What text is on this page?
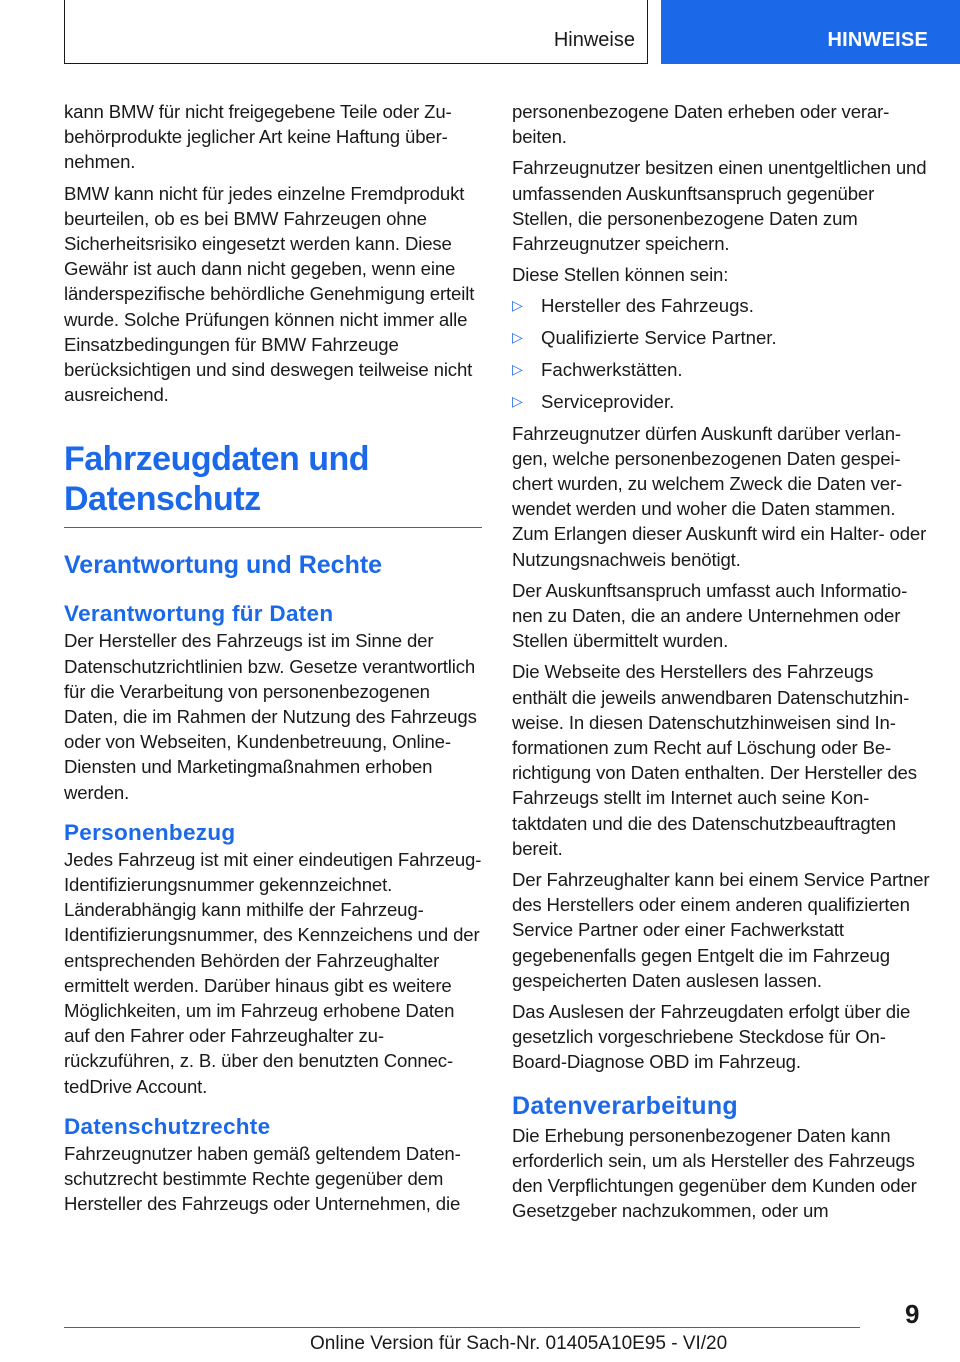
Hinweise	HINWEISE

kann BMW für nicht freigegebene Teile oder Zubehörprodukte jeglicher Art keine Haftung übernehmen.

BMW kann nicht für jedes einzelne Fremdprodukt beurteilen, ob es bei BMW Fahrzeugen ohne Sicherheitsrisiko eingesetzt werden kann. Diese Gewähr ist auch dann nicht gegeben, wenn eine länderspezifische behördliche Genehmigung erteilt wurde. Solche Prüfungen können nicht immer alle Einsatzbedingungen für BMW Fahrzeuge berücksichtigen und sind deswegen teilweise nicht ausreichend.

Fahrzeugdaten und
Datenschutz
Verantwortung und Rechte
Verantwortung für Daten

Der Hersteller des Fahrzeugs ist im Sinne der Datenschutzrichtlinien bzw. Gesetze verantwortlich für die Verarbeitung von personenbezogenen Daten, die im Rahmen der Nutzung des Fahrzeugs oder von Webseiten, Kundenbetreuung, Online-Diensten und Marketingmaßnahmen erhoben werden.

Personenbezug

Jedes Fahrzeug ist mit einer eindeutigen Fahrzeug-Identifizierungsnummer gekennzeichnet. Länderabhängig kann mithilfe der Fahrzeug-Identifizierungsnummer, des Kennzeichens und der entsprechenden Behörden der Fahrzeughalter ermittelt werden. Darüber hinaus gibt es weitere Möglichkeiten, um im Fahrzeug erhobene Daten auf den Fahrer oder Fahrzeughalter zurückzuführen, z. B. über den benutzten ConnectedDrive Account.

Datenschutzrechte

Fahrzeugnutzer haben gemäß geltendem Datenschutzrecht bestimmte Rechte gegenüber dem Hersteller des Fahrzeugs oder Unternehmen, die

personenbezogene Daten erheben oder verarbeiten.

Fahrzeugnutzer besitzen einen unentgeltlichen und umfassenden Auskunftsanspruch gegenüber Stellen, die personenbezogene Daten zum Fahrzeugnutzer speichern.

Diese Stellen können sein:

▷ Hersteller des Fahrzeugs.
▷ Qualifizierte Service Partner.
▷ Fachwerkstätten.
▷ Serviceprovider.

Fahrzeugnutzer dürfen Auskunft darüber verlangen, welche personenbezogenen Daten gespeichert wurden, zu welchem Zweck die Daten verwendet werden und woher die Daten stammen. Zum Erlangen dieser Auskunft wird ein Halter- oder Nutzungsnachweis benötigt.

Der Auskunftsanspruch umfasst auch Informationen zu Daten, die an andere Unternehmen oder Stellen übermittelt wurden.

Die Webseite des Herstellers des Fahrzeugs enthält die jeweils anwendbaren Datenschutzhinweise. In diesen Datenschutzhinweisen sind Informationen zum Recht auf Löschung oder Berichtigung von Daten enthalten. Der Hersteller des Fahrzeugs stellt im Internet auch seine Kontaktdaten und die des Datenschutzbeauftragten bereit.

Der Fahrzeughalter kann bei einem Service Partner des Herstellers oder einem anderen qualifizierten Service Partner oder einer Fachwerkstatt gegebenenfalls gegen Entgelt die im Fahrzeug gespeicherten Daten auslesen lassen.

Das Auslesen der Fahrzeugdaten erfolgt über die gesetzlich vorgeschriebene Steckdose für On-Board-Diagnose OBD im Fahrzeug.

Datenverarbeitung

Die Erhebung personenbezogener Daten kann erforderlich sein, um als Hersteller des Fahrzeugs den Verpflichtungen gegenüber dem Kunden oder Gesetzgeber nachzukommen, oder um

9
Online Version für Sach-Nr. 01405A10E95 - VI/20
